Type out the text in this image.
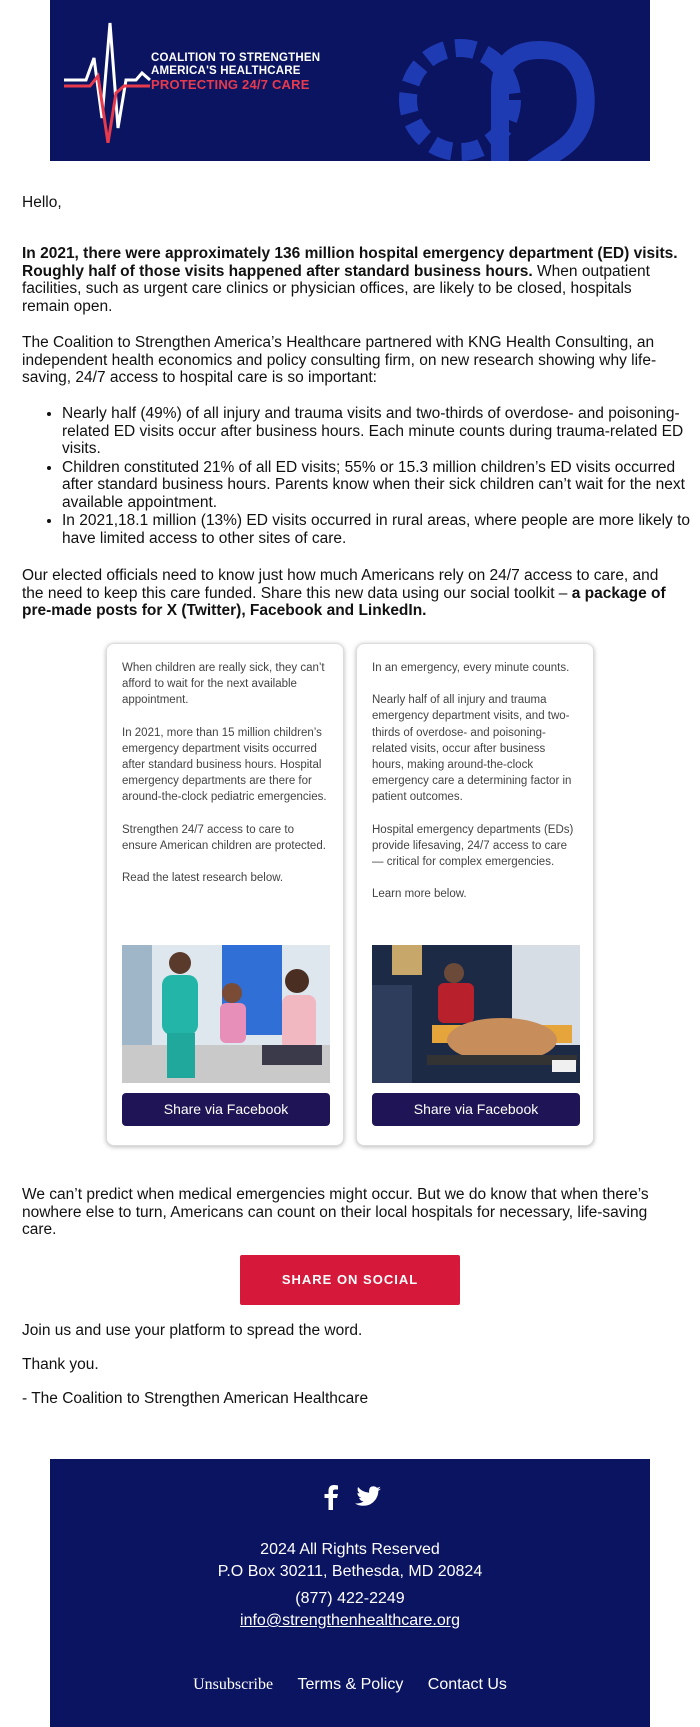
COALITION TO STRENGTHEN
AMERICA'S HEALTHCARE
PROTECTING 24/7 CARE
Hello,
In 2021, there were approximately 136 million hospital emergency department (ED) visits. Roughly half of those visits happened after standard business hours. When outpatient facilities, such as urgent care clinics or physician offices, are likely to be closed, hospitals remain open.
The Coalition to Strengthen America’s Healthcare partnered with KNG Health Consulting, an independent health economics and policy consulting firm, on new research showing why life-saving, 24/7 access to hospital care is so important:
• Nearly half (49%) of all injury and trauma visits and two-thirds of overdose- and poisoning-related ED visits occur after business hours. Each minute counts during trauma-related ED visits.
• Children constituted 21% of all ED visits; 55% or 15.3 million children’s ED visits occurred after standard business hours. Parents know when their sick children can’t wait for the next available appointment.
• In 2021,18.1 million (13%) ED visits occurred in rural areas, where people are more likely to have limited access to other sites of care.
Our elected officials need to know just how much Americans rely on 24/7 access to care, and the need to keep this care funded. Share this new data using our social toolkit – a package of pre-made posts for X (Twitter), Facebook and LinkedIn.

When children are really sick, they can’t afford to wait for the next available appointment.

In 2021, more than 15 million children’s emergency department visits occurred after standard business hours. Hospital emergency departments are there for around-the-clock pediatric emergencies.

Strengthen 24/7 access to care to ensure American children are protected.

Read the latest research below.

Share via Facebook

In an emergency, every minute counts.

Nearly half of all injury and trauma emergency department visits, and two-thirds of overdose- and poisoning-related visits, occur after business hours, making around-the-clock emergency care a determining factor in patient outcomes.

Hospital emergency departments (EDs) provide lifesaving, 24/7 access to care — critical for complex emergencies.

Learn more below.

Share via Facebook
We can’t predict when medical emergencies might occur. But we do know that when there’s nowhere else to turn, Americans can count on their local hospitals for necessary, life-saving care.
SHARE ON SOCIAL
Join us and use your platform to spread the word.
Thank you.
- The Coalition to Strengthen American Healthcare
2024 All Rights Reserved
P.O Box 30211, Bethesda, MD 20824
(877) 422-2249
info@strengthenhealthcare.org
Unsubscribe Terms & Policy Contact Us
